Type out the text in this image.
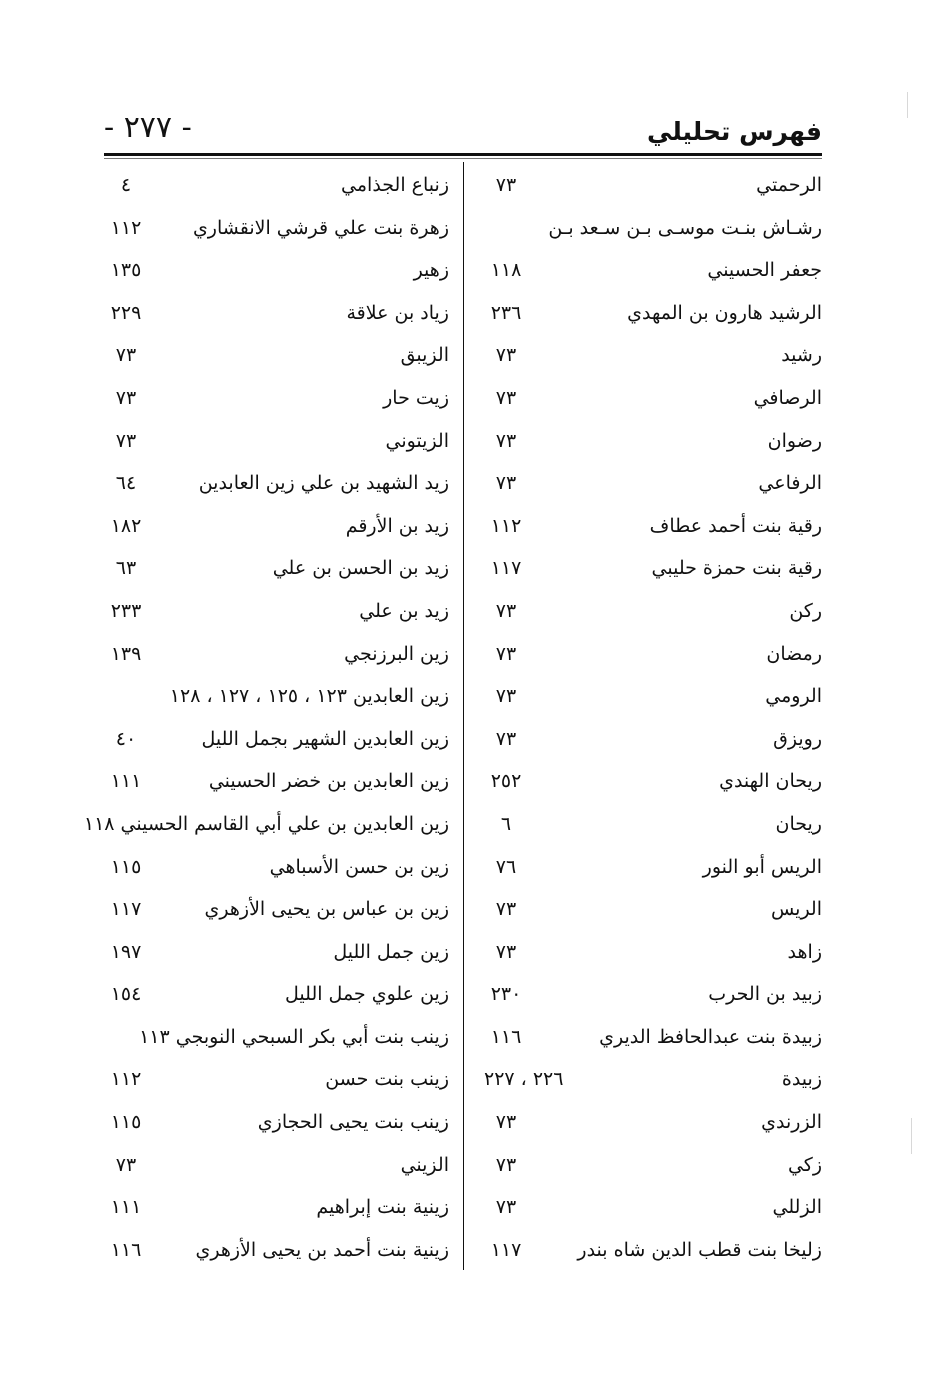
فهرس تحليلي
- ٢٧٧ -
الرحمتي
٧٣
رشـاش بنـت موسـى بـن سـعد بـن
جعفر الحسيني
١١٨
الرشيد هارون بن المهدي
٢٣٦
رشيد
٧٣
الرصافي
٧٣
رضوان
٧٣
الرفاعي
٧٣
رقية بنت أحمد عطاف
١١٢
رقية بنت حمزة حليبي
١١٧
ركن
٧٣
رمضان
٧٣
الرومي
٧٣
رويزق
٧٣
ريحان الهندي
٢٥٢
ريحان
٦
الريس أبو النور
٧٦
الريس
٧٣
زاهد
٧٣
زبيد بن الحرب
٢٣٠
زبيدة بنت عبدالحافظ الديري
١١٦
زبيدة
٢٢٦ ، ٢٢٧
الزرندي
٧٣
زكي
٧٣
الزللي
٧٣
زليخا بنت قطب الدين شاه بندر
١١٧
زنباع الجذامي
٤
زهرة بنت علي قرشي الانقشاري
١١٢
زهير
١٣٥
زياد بن علاقة
٢٢٩
الزيبق
٧٣
زيت حار
٧٣
الزيتوني
٧٣
زيد الشهيد بن علي زين العابدين
٦٤
زيد بن الأرقم
١٨٢
زيد بن الحسن بن علي
٦٣
زيد بن علي
٢٣٣
زين البرزنجي
١٣٩
زين العابدين ١٢٣ ، ١٢٥ ، ١٢٧ ، ١٢٨
زين العابدين الشهير بجمل الليل
٤٠
زين العابدين بن خضر الحسيني
١١١
زين العابدين بن علي أبي القاسم الحسيني ١١٨
زين بن حسن الأسباهي
١١٥
زين بن عباس بن يحيى الأزهري
١١٧
زين جمل الليل
١٩٧
زين علوي جمل الليل
١٥٤
زينب بنت أبي بكر السبحي النوبجي ١١٣
زينب بنت حسن
١١٢
زينب بنت يحيى الحجازي
١١٥
الزيني
٧٣
زينية بنت إبراهيم
١١١
زينية بنت أحمد بن يحيى الأزهري
١١٦
